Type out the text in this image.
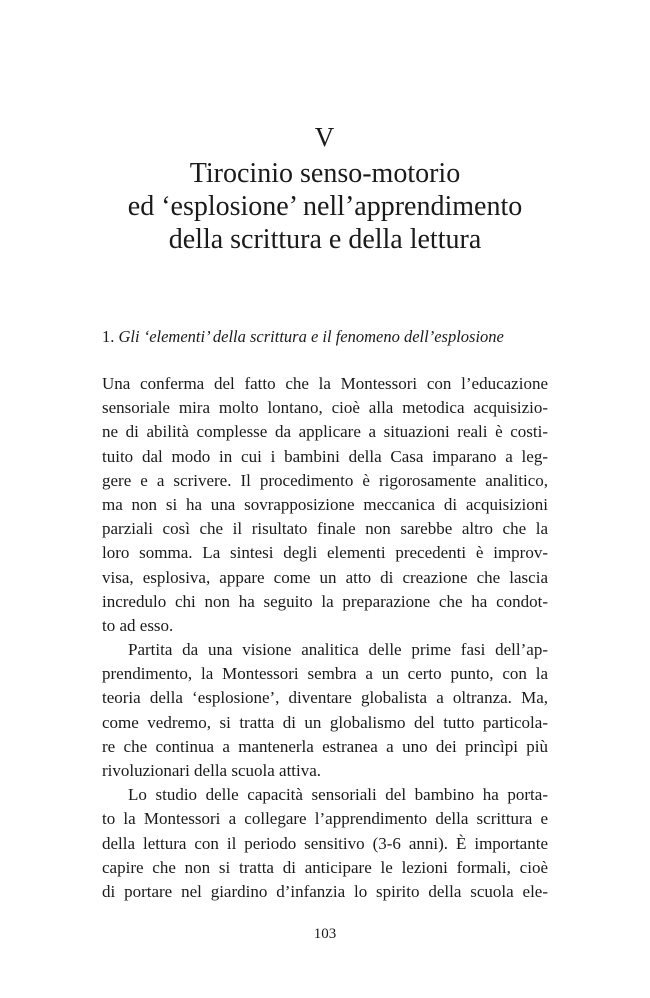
V
Tirocinio senso-motorio
ed ‘esplosione’ nell’apprendimento
della scrittura e della lettura
1. Gli ‘elementi’ della scrittura e il fenomeno dell’esplosione
Una conferma del fatto che la Montessori con l’educazione
sensoriale mira molto lontano, cioè alla metodica acquisizio-
ne di abilità complesse da applicare a situazioni reali è costi-
tuito dal modo in cui i bambini della Casa imparano a leg-
gere e a scrivere. Il procedimento è rigorosamente analitico,
ma non si ha una sovrapposizione meccanica di acquisizioni
parziali così che il risultato finale non sarebbe altro che la
loro somma. La sintesi degli elementi precedenti è improv-
visa, esplosiva, appare come un atto di creazione che lascia
incredulo chi non ha seguito la preparazione che ha condot-
to ad esso.
Partita da una visione analitica delle prime fasi dell’ap-
prendimento, la Montessori sembra a un certo punto, con la
teoria della ‘esplosione’, diventare globalista a oltranza. Ma,
come vedremo, si tratta di un globalismo del tutto particola-
re che continua a mantenerla estranea a uno dei princìpi più
rivoluzionari della scuola attiva.
Lo studio delle capacità sensoriali del bambino ha porta-
to la Montessori a collegare l’apprendimento della scrittura e
della lettura con il periodo sensitivo (3-6 anni). È importante
capire che non si tratta di anticipare le lezioni formali, cioè
di portare nel giardino d’infanzia lo spirito della scuola ele-
103
